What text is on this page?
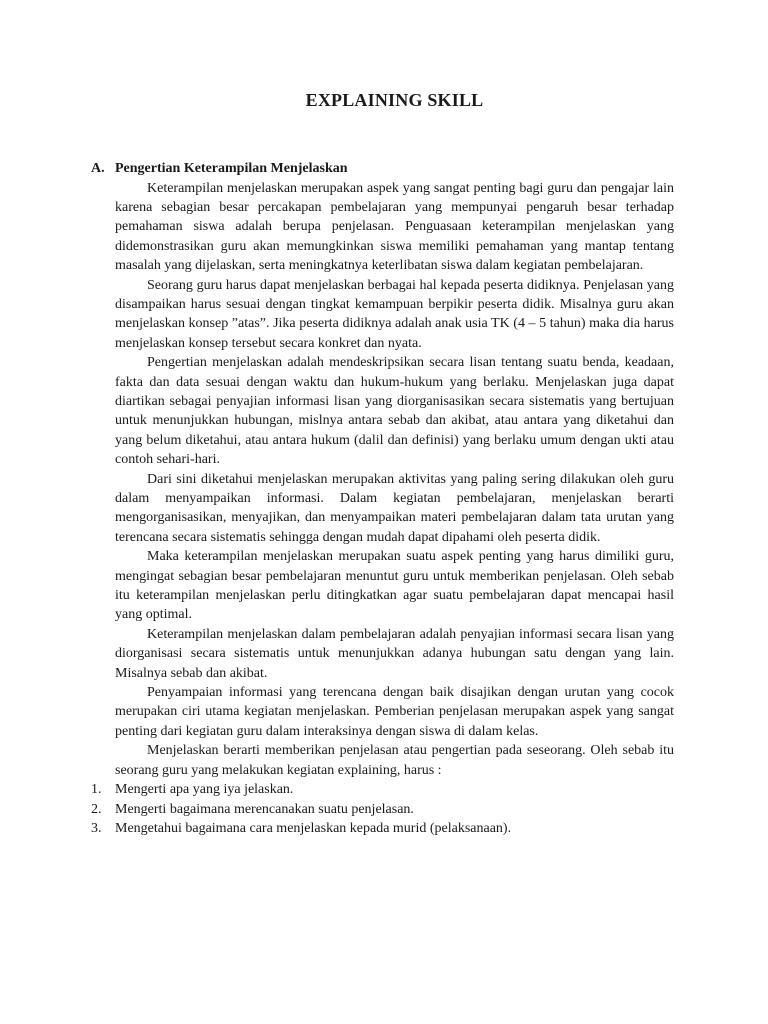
EXPLAINING SKILL
A. Pengertian Keterampilan Menjelaskan

Keterampilan menjelaskan merupakan aspek yang sangat penting bagi guru dan pengajar lain karena sebagian besar percakapan pembelajaran yang mempunyai pengaruh besar terhadap pemahaman siswa adalah berupa penjelasan. Penguasaan keterampilan menjelaskan yang didemonstrasikan guru akan memungkinkan siswa memiliki pemahaman yang mantap tentang masalah yang dijelaskan, serta meningkatnya keterlibatan siswa dalam kegiatan pembelajaran.

Seorang guru harus dapat menjelaskan berbagai hal kepada peserta didiknya. Penjelasan yang disampaikan harus sesuai dengan tingkat kemampuan berpikir peserta didik. Misalnya guru akan menjelaskan konsep ”atas”. Jika peserta didiknya adalah anak usia TK (4 – 5 tahun) maka dia harus menjelaskan konsep tersebut secara konkret dan nyata.

Pengertian menjelaskan adalah mendeskripsikan secara lisan tentang suatu benda, keadaan, fakta dan data sesuai dengan waktu dan hukum-hukum yang berlaku. Menjelaskan juga dapat diartikan sebagai penyajian informasi lisan yang diorganisasikan secara sistematis yang bertujuan untuk menunjukkan hubungan, mislnya antara sebab dan akibat, atau antara yang diketahui dan yang belum diketahui, atau antara hukum (dalil dan definisi) yang berlaku umum dengan ukti atau contoh sehari-hari.

Dari sini diketahui menjelaskan merupakan aktivitas yang paling sering dilakukan oleh guru dalam menyampaikan informasi. Dalam kegiatan pembelajaran, menjelaskan berarti mengorganisasikan, menyajikan, dan menyampaikan materi pembelajaran dalam tata urutan yang terencana secara sistematis sehingga dengan mudah dapat dipahami oleh peserta didik.

Maka keterampilan menjelaskan merupakan suatu aspek penting yang harus dimiliki guru, mengingat sebagian besar pembelajaran menuntut guru untuk memberikan penjelasan. Oleh sebab itu keterampilan menjelaskan perlu ditingkatkan agar suatu pembelajaran dapat mencapai hasil yang optimal.

Keterampilan menjelaskan dalam pembelajaran adalah penyajian informasi secara lisan yang diorganisasi secara sistematis untuk menunjukkan adanya hubungan satu dengan yang lain. Misalnya sebab dan akibat.

Penyampaian informasi yang terencana dengan baik disajikan dengan urutan yang cocok merupakan ciri utama kegiatan menjelaskan. Pemberian penjelasan merupakan aspek yang sangat penting dari kegiatan guru dalam interaksinya dengan siswa di dalam kelas.

Menjelaskan berarti memberikan penjelasan atau pengertian pada seseorang. Oleh sebab itu seorang guru yang melakukan kegiatan explaining, harus :

1. Mengerti apa yang iya jelaskan.
2. Mengerti bagaimana merencanakan suatu penjelasan.
3. Mengetahui bagaimana cara menjelaskan kepada murid (pelaksanaan).
